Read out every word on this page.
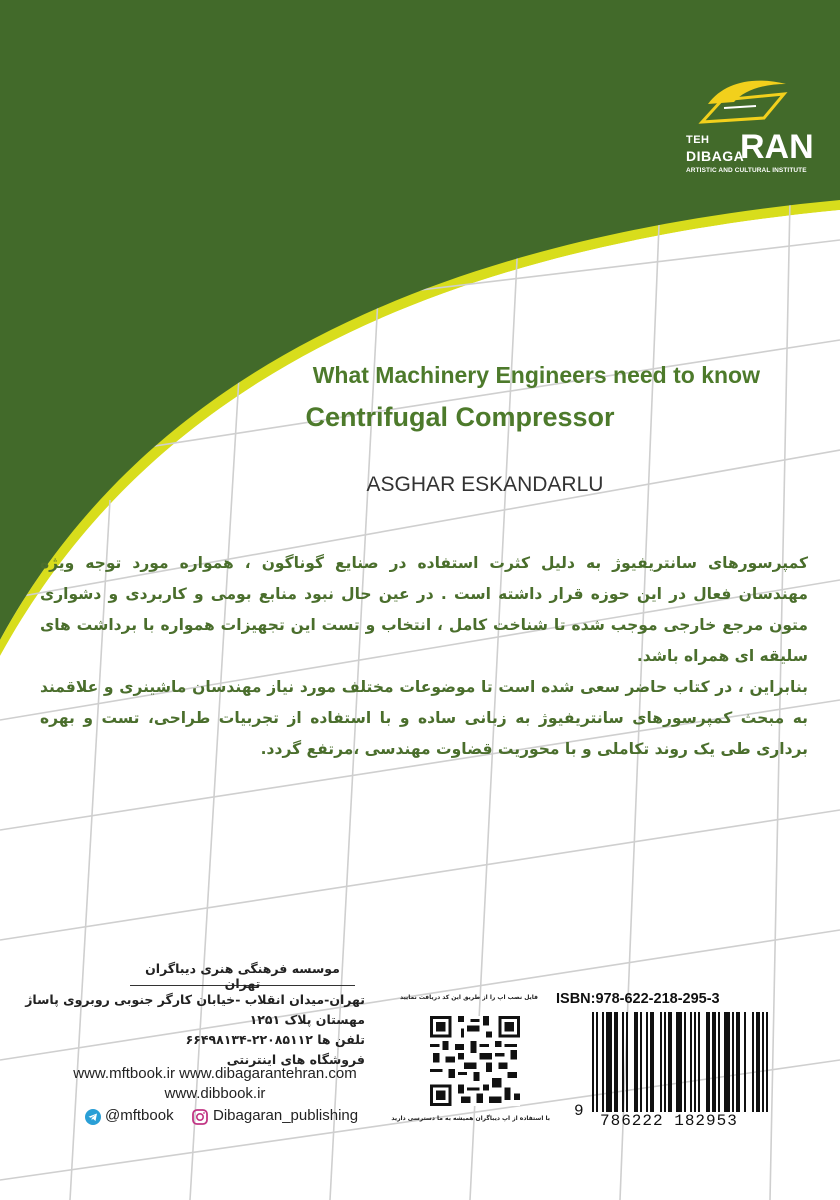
TEH
DIBAGA
RAN
ARTISTIC AND CULTURAL INSTITUTE
What Machinery Engineers need to know
Centrifugal Compressor
ASGHAR ESKANDARLU

کمپرسورهای سانتریفیوژ به دلیل کثرت استفاده در صنایع گوناگون ، همواره مورد توجه ویژه مهندسان فعال در این حوزه قرار داشته است . در عین حال نبود منابع بومی و کاربردی و دشواری متون مرجع خارجی موجب شده تا شناخت کامل ، انتخاب و تست این تجهیزات همواره با برداشت های سلیقه ای همراه باشد.

بنابراین ، در کتاب حاضر سعی شده است تا موضوعات مختلف مورد نیاز مهندسان ماشینری و علاقمند به مبحث کمپرسورهای سانتریفیوژ به زبانی ساده و با استفاده از تجربیات طراحی، تست و بهره برداری طی یک روند تکاملی و با محوریت قضاوت مهندسی ،مرتفع گردد.

موسسه فرهنگی هنری دیباگران تهران
تهران-میدان انقلاب -خیابان کارگر جنوبی روبروی پاساژ مهستان پلاک ۱۲۵۱
تلفن ها ۲۲۰۸۵۱۱۲-۶۶۴۹۸۱۳۴
فروشگاه های اینترنتی
www.mftbook.ir www.dibagarantehran.com
www.dibbook.ir
@mftbook	Dibagaran_publishing
فایل نصب اپ را از طریق این کد دریافت نمایید
با استفاده از اپ دیباگران همیشه به ما دسترسی دارید
ISBN:978-622-218-295-3
9
786222 182953
